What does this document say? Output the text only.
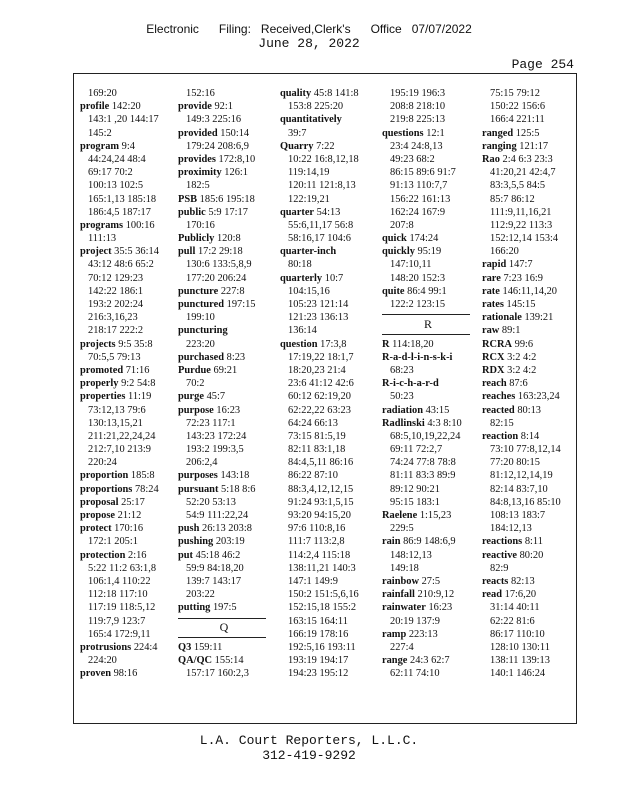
Electronic      Filing:   Received,Clerk's      Office   07/07/2022
June 28, 2022
Page 254
169:20
profile 142:20
143:1 ,20 144:17
145:2
program 9:4
44:24,24 48:4
69:17 70:2
100:13 102:5
165:1,13 185:18
186:4,5 187:17
programs 100:16
111:13
project 35:5 36:14
43:12 48:6 65:2
70:12 129:23
142:22 186:1
193:2 202:24
216:3,16,23
218:17 222:2
projects 9:5 35:8
70:5,5 79:13
promoted 71:16
properly 9:2 54:8
properties 11:19
73:12,13 79:6
130:13,15,21
211:21,22,24,24
212:7,10 213:9
220:24
proportion 185:8
proportions 78:24
proposal 25:17
propose 21:12
protect 170:16
172:1 205:1
protection 2:16
5:22 11:2 63:1,8
106:1,4 110:22
112:18 117:10
117:19 118:5,12
119:7,9 123:7
165:4 172:9,11
protrusions 224:4
224:20
proven 98:16
152:16
provide 92:1
149:3 225:16
provided 150:14
179:24 208:6,9
provides 172:8,10
proximity 126:1
182:5
PSB 185:6 195:18
public 5:9 17:17
170:16
Publicly 120:8
pull 17:2 29:18
130:6 133:5,8,9
177:20 206:24
puncture 227:8
punctured 197:15
199:10
puncturing
223:20
purchased 8:23
Purdue 69:21
70:2
purge 45:7
purpose 16:23
72:23 117:1
143:23 172:24
193:2 199:3,5
206:2,4
purposes 143:18
pursuant 5:18 8:6
52:20 53:13
54:9 111:22,24
push 26:13 203:8
pushing 203:19
put 45:18 46:2
59:9 84:18,20
139:7 143:17
203:22
putting 197:5
Q
Q3 159:11
QA/QC 155:14
157:17 160:2,3
quality 45:8 141:8
153:8 225:20
quantitatively
39:7
Quarry 7:22
10:22 16:8,12,18
119:14,19
120:11 121:8,13
122:19,21
quarter 54:13
55:6,11,17 56:8
58:16,17 104:6
quarter-inch
80:18
quarterly 10:7
104:15,16
105:23 121:14
121:23 136:13
136:14
question 17:3,8
17:19,22 18:1,7
18:20,23 21:4
23:6 41:12 42:6
60:12 62:19,20
62:22,22 63:23
64:24 66:13
73:15 81:5,19
82:11 83:1,18
84:4,5,11 86:16
86:22 87:10
88:3,4,12,12,15
91:24 93:1,5,15
93:20 94:15,20
97:6 110:8,16
111:7 113:2,8
114:2,4 115:18
138:11,21 140:3
147:1 149:9
150:2 151:5,6,16
152:15,18 155:2
163:15 164:11
166:19 178:16
192:5,16 193:11
193:19 194:17
194:23 195:12
195:19 196:3
208:8 218:10
219:8 225:13
questions 12:1
23:4 24:8,13
49:23 68:2
86:15 89:6 91:7
91:13 110:7,7
156:22 161:13
162:24 167:9
207:8
quick 174:24
quickly 95:19
147:10,11
148:20 152:3
quite 86:4 99:1
122:2 123:15
R
R 114:18,20
R-a-d-l-i-n-s-k-i
68:23
R-i-c-h-a-r-d
50:23
radiation 43:15
Radlinski 4:3 8:10
68:5,10,19,22,24
69:11 72:2,7
74:24 77:8 78:8
81:11 83:3 89:9
89:12 90:21
95:15 183:1
Raelene 1:15,23
229:5
rain 86:9 148:6,9
148:12,13
149:18
rainbow 27:5
rainfall 210:9,12
rainwater 16:23
20:19 137:9
ramp 223:13
227:4
range 24:3 62:7
62:11 74:10
75:15 79:12
150:22 156:6
166:4 221:11
ranged 125:5
ranging 121:17
Rao 2:4 6:3 23:3
41:20,21 42:4,7
83:3,5,5 84:5
85:7 86:12
111:9,11,16,21
112:9,22 113:3
152:12,14 153:4
166:20
rapid 147:7
rare 7:23 16:9
rate 146:11,14,20
rates 145:15
rationale 139:21
raw 89:1
RCRA 99:6
RCX 3:2 4:2
RDX 3:2 4:2
reach 87:6
reaches 163:23,24
reacted 80:13
82:15
reaction 8:14
73:10 77:8,12,14
77:20 80:15
81:12,12,14,19
82:14 83:7,10
84:8,13,16 85:10
108:13 183:7
184:12,13
reactions 8:11
reactive 80:20
82:9
reacts 82:13
read 17:6,20
31:14 40:11
62:22 81:6
86:17 110:10
128:10 130:11
138:11 139:13
140:1 146:24
L.A. Court Reporters, L.L.C.
312-419-9292
